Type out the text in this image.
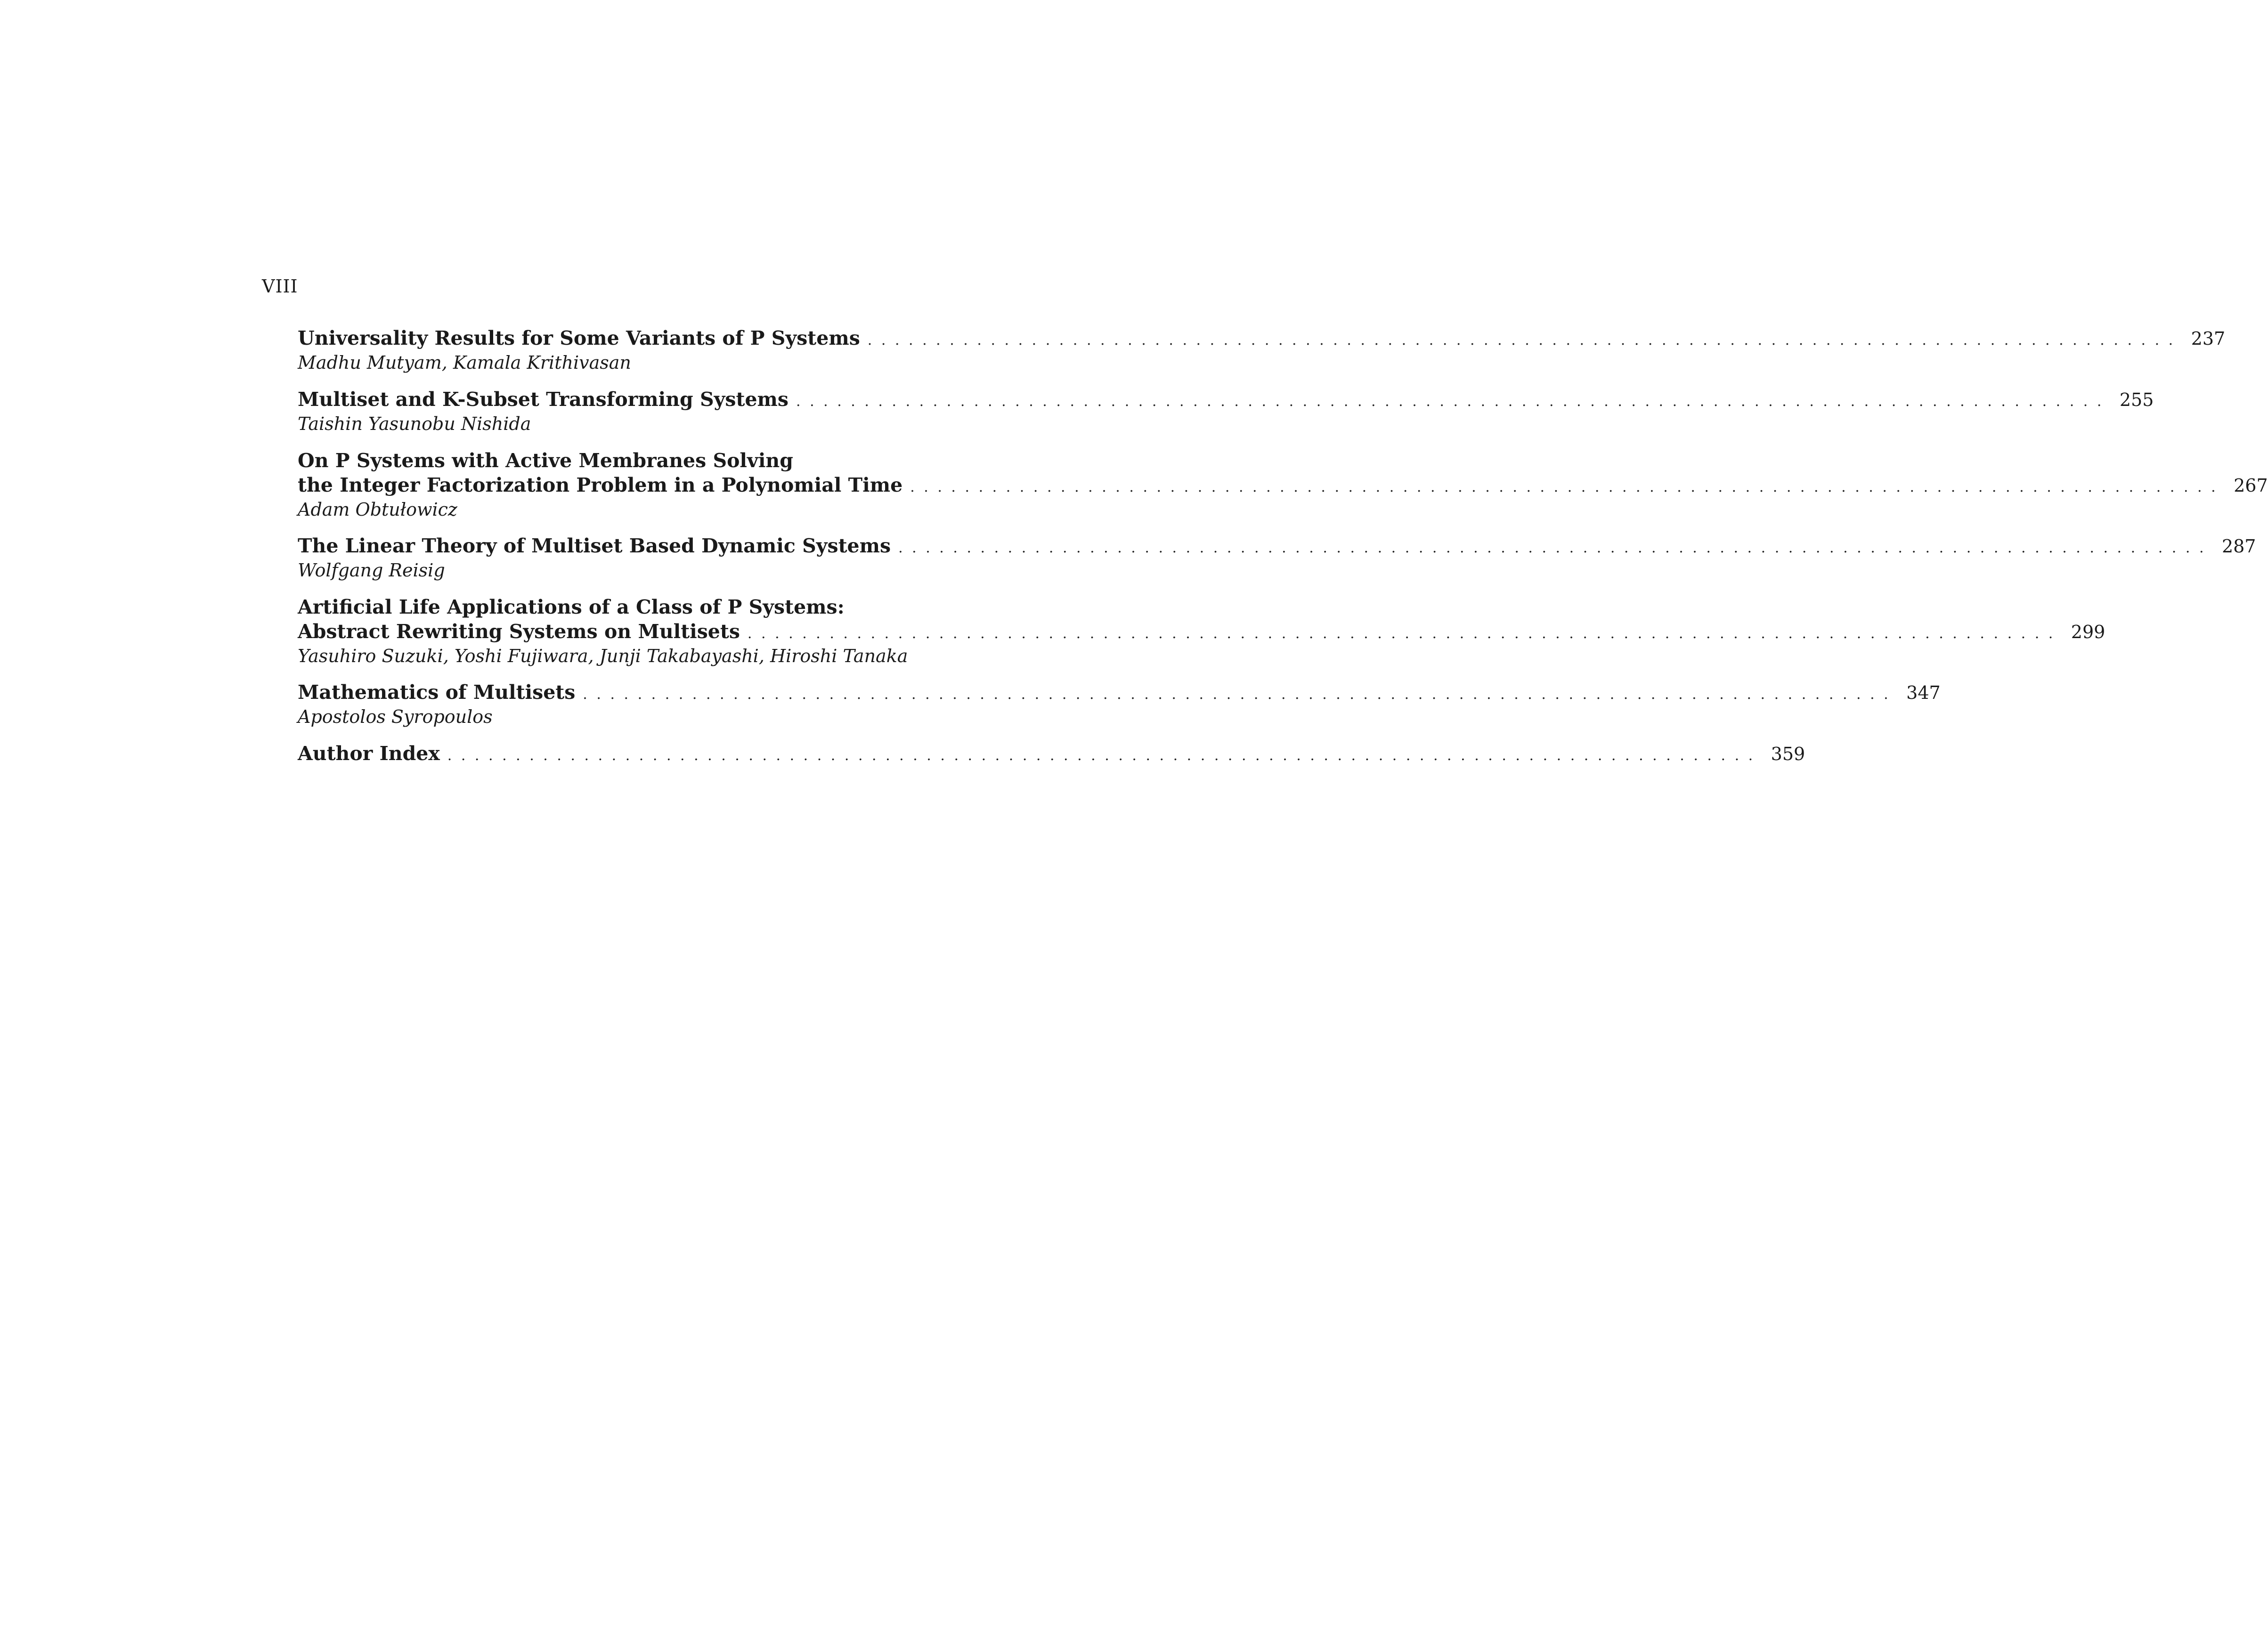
VIII
Universality Results for Some Variants of P Systems . . . . . . . . . . . . . . . . . . . . . . . . . . . . . . . . . . . . . . . . . . . . . . . . . . . . . . . . . . . . . . . . . . . . . . . . . . . . . . . . . . . . . . . . . . . . . . . . 237
Madhu Mutyam, Kamala Krithivasan
Multiset and K-Subset Transforming Systems . . . . . . . . . . . . . . . . . . . . . . . . . . . . . . . . . . . . . . . . . . . . . . . . . . . . . . . . . . . . . . . . . . . . . . . . . . . . . . . . . . . . . . . . . . . . . . . . 255
Taishin Yasunobu Nishida
On P Systems with Active Membranes Solving
the Integer Factorization Problem in a Polynomial Time . . . . . . . . . . . . . . . . . . . . . . . . . . . . . . . . . . . . . . . . . . . . . . . . . . . . . . . . . . . . . . . . . . . . . . . . . . . . . . . . . . . . . . . . . . . . . . . . 267
Adam Obtułowicz
The Linear Theory of Multiset Based Dynamic Systems . . . . . . . . . . . . . . . . . . . . . . . . . . . . . . . . . . . . . . . . . . . . . . . . . . . . . . . . . . . . . . . . . . . . . . . . . . . . . . . . . . . . . . . . . . . . . . . . 287
Wolfgang Reisig
Artificial Life Applications of a Class of P Systems:
Abstract Rewriting Systems on Multisets . . . . . . . . . . . . . . . . . . . . . . . . . . . . . . . . . . . . . . . . . . . . . . . . . . . . . . . . . . . . . . . . . . . . . . . . . . . . . . . . . . . . . . . . . . . . . . . . 299
Yasuhiro Suzuki, Yoshi Fujiwara, Junji Takabayashi, Hiroshi Tanaka
Mathematics of Multisets . . . . . . . . . . . . . . . . . . . . . . . . . . . . . . . . . . . . . . . . . . . . . . . . . . . . . . . . . . . . . . . . . . . . . . . . . . . . . . . . . . . . . . . . . . . . . . . . 347
Apostolos Syropoulos
Author Index . . . . . . . . . . . . . . . . . . . . . . . . . . . . . . . . . . . . . . . . . . . . . . . . . . . . . . . . . . . . . . . . . . . . . . . . . . . . . . . . . . . . . . . . . . . . . . . . 359
